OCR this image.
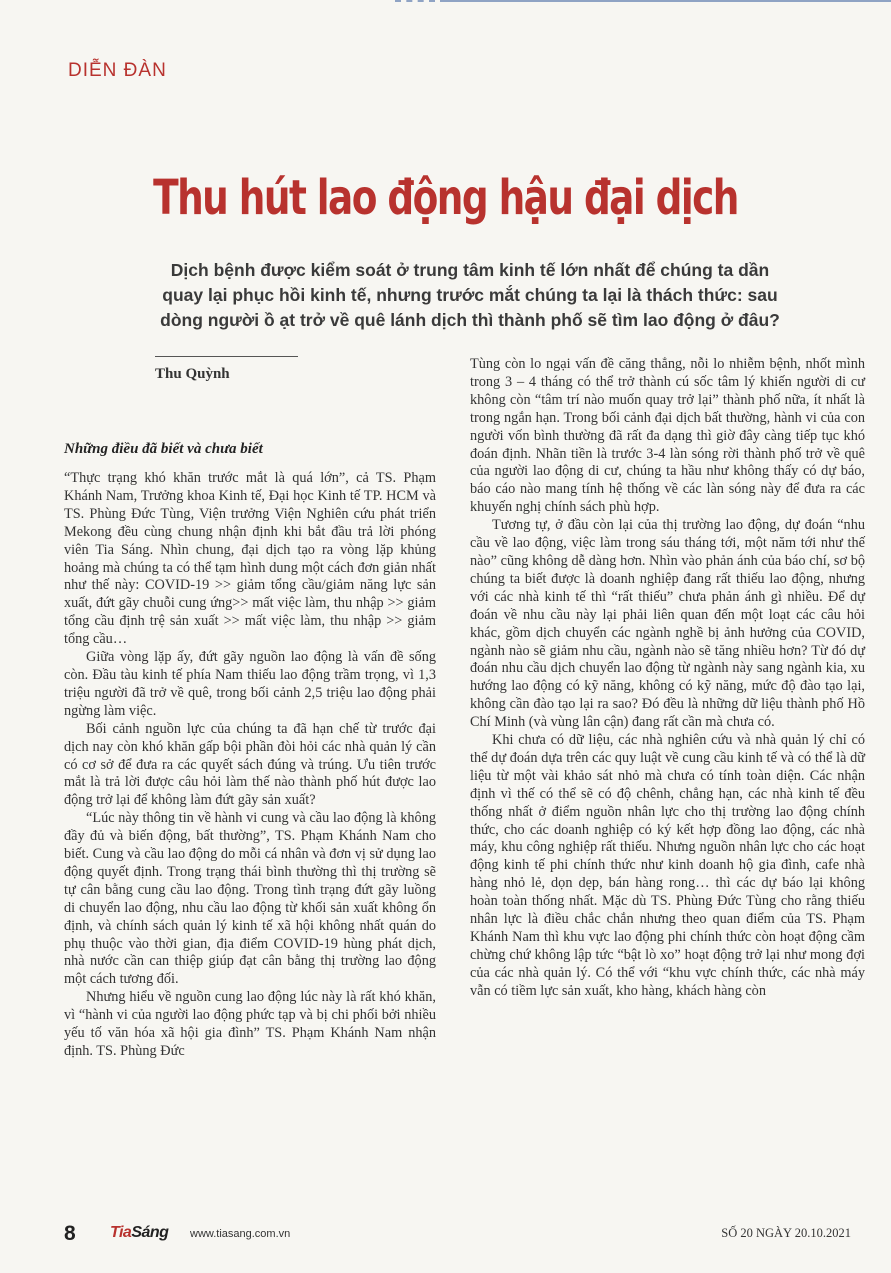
DIỄN ĐÀN
Thu hút lao động hậu đại dịch
Dịch bệnh được kiểm soát ở trung tâm kinh tế lớn nhất để chúng ta dần quay lại phục hồi kinh tế, nhưng trước mắt chúng ta lại là thách thức: sau dòng người ồ ạt trở về quê lánh dịch thì thành phố sẽ tìm lao động ở đâu?
Thu Quỳnh
Những điều đã biết và chưa biết

“Thực trạng khó khăn trước mắt là quá lớn”, cả TS. Phạm Khánh Nam, Trưởng khoa Kinh tế, Đại học Kinh tế TP. HCM và TS. Phùng Đức Tùng, Viện trưởng Viện Nghiên cứu phát triển Mekong đều cùng chung nhận định khi bắt đầu trả lời phóng viên Tia Sáng. Nhìn chung, đại dịch tạo ra vòng lặp khủng hoảng mà chúng ta có thể tạm hình dung một cách đơn giản nhất như thế này: COVID-19 >> giảm tổng cầu/giảm năng lực sản xuất, đứt gãy chuỗi cung ứng>> mất việc làm, thu nhập >> giảm tổng cầu định trệ sản xuất >> mất việc làm, thu nhập >> giảm tổng cầu…

Giữa vòng lặp ấy, đứt gãy nguồn lao động là vấn đề sống còn. Đầu tàu kinh tế phía Nam thiếu lao động trầm trọng, vì 1,3 triệu người đã trở về quê, trong bối cảnh 2,5 triệu lao động phải ngừng làm việc.

Bối cảnh nguồn lực của chúng ta đã hạn chế từ trước đại dịch nay còn khó khăn gấp bội phần đòi hỏi các nhà quản lý cần có cơ sở để đưa ra các quyết sách đúng và trúng. Ưu tiên trước mắt là trả lời được câu hỏi làm thế nào thành phố hút được lao động trở lại để không làm đứt gãy sản xuất?

“Lúc này thông tin về hành vi cung và cầu lao động là không đầy đủ và biến động, bất thường”, TS. Phạm Khánh Nam cho biết. Cung và cầu lao động do mỗi cá nhân và đơn vị sử dụng lao động quyết định. Trong trạng thái bình thường thì thị trường sẽ tự cân bằng cung cầu lao động. Trong tình trạng đứt gãy luồng di chuyển lao động, nhu cầu lao động từ khối sản xuất không ổn định, và chính sách quản lý kinh tế xã hội không nhất quán do phụ thuộc vào thời gian, địa điểm COVID-19 hùng phát dịch, nhà nước cần can thiệp giúp đạt cân bằng thị trường lao động một cách tương đối.

Nhưng hiểu về nguồn cung lao động lúc này là rất khó khăn, vì “hành vi của người lao động phức tạp và bị chi phối bởi nhiều yếu tố văn hóa xã hội gia đình” TS. Phạm Khánh Nam nhận định. TS. Phùng Đức

Tùng còn lo ngại vấn đề căng thẳng, nỗi lo nhiễm bệnh, nhốt mình trong 3 – 4 tháng có thể trở thành cú sốc tâm lý khiến người di cư không còn “tâm trí nào muốn quay trở lại” thành phố nữa, ít nhất là trong ngắn hạn. Trong bối cảnh đại dịch bất thường, hành vi của con người vốn bình thường đã rất đa dạng thì giờ đây càng tiếp tục khó đoán định. Nhãn tiền là trước 3-4 làn sóng rời thành phố trở về quê của người lao động di cư, chúng ta hầu như không thấy có dự báo, báo cáo nào mang tính hệ thống về các làn sóng này để đưa ra các khuyến nghị chính sách phù hợp.

Tương tự, ở đầu còn lại của thị trường lao động, dự đoán “nhu cầu về lao động, việc làm trong sáu tháng tới, một năm tới như thế nào” cũng không dễ dàng hơn. Nhìn vào phản ánh của báo chí, sơ bộ chúng ta biết được là doanh nghiệp đang rất thiếu lao động, nhưng với các nhà kinh tế thì “rất thiếu” chưa phản ánh gì nhiều. Để dự đoán về nhu cầu này lại phải liên quan đến một loạt các câu hỏi khác, gồm dịch chuyển các ngành nghề bị ảnh hưởng của COVID, ngành nào sẽ giảm nhu cầu, ngành nào sẽ tăng nhiều hơn? Từ đó dự đoán nhu cầu dịch chuyển lao động từ ngành này sang ngành kia, xu hướng lao động có kỹ năng, không có kỹ năng, mức độ đào tạo lại, không cần đào tạo lại ra sao? Đó đều là những dữ liệu thành phố Hồ Chí Minh (và vùng lân cận) đang rất cần mà chưa có.

Khi chưa có dữ liệu, các nhà nghiên cứu và nhà quản lý chỉ có thể dự đoán dựa trên các quy luật về cung cầu kinh tế và có thể là dữ liệu từ một vài khảo sát nhỏ mà chưa có tính toàn diện. Các nhận định vì thế có thể sẽ có độ chênh, chẳng hạn, các nhà kinh tế đều thống nhất ở điểm nguồn nhân lực cho thị trường lao động chính thức, cho các doanh nghiệp có ký kết hợp đồng lao động, các nhà máy, khu công nghiệp rất thiếu. Nhưng nguồn nhân lực cho các hoạt động kinh tế phi chính thức như kinh doanh hộ gia đình, cafe nhà hàng nhỏ lẻ, dọn dẹp, bán hàng rong… thì các dự báo lại không hoàn toàn thống nhất. Mặc dù TS. Phùng Đức Tùng cho rằng thiếu nhân lực là điều chắc chắn nhưng theo quan điểm của TS. Phạm Khánh Nam thì khu vực lao động phi chính thức còn hoạt động cầm chừng chứ không lập tức “bật lò xo” hoạt động trở lại như mong đợi của các nhà quản lý. Có thể với “khu vực chính thức, các nhà máy vẫn có tiềm lực sản xuất, kho hàng, khách hàng còn

8 TiaSáng www.tiasang.com.vn	SỐ 20 NGÀY 20.10.2021
